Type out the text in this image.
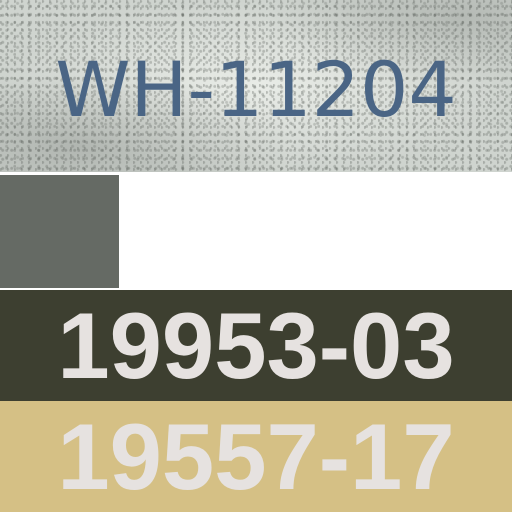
WH-11204
19953-03
19557-17
